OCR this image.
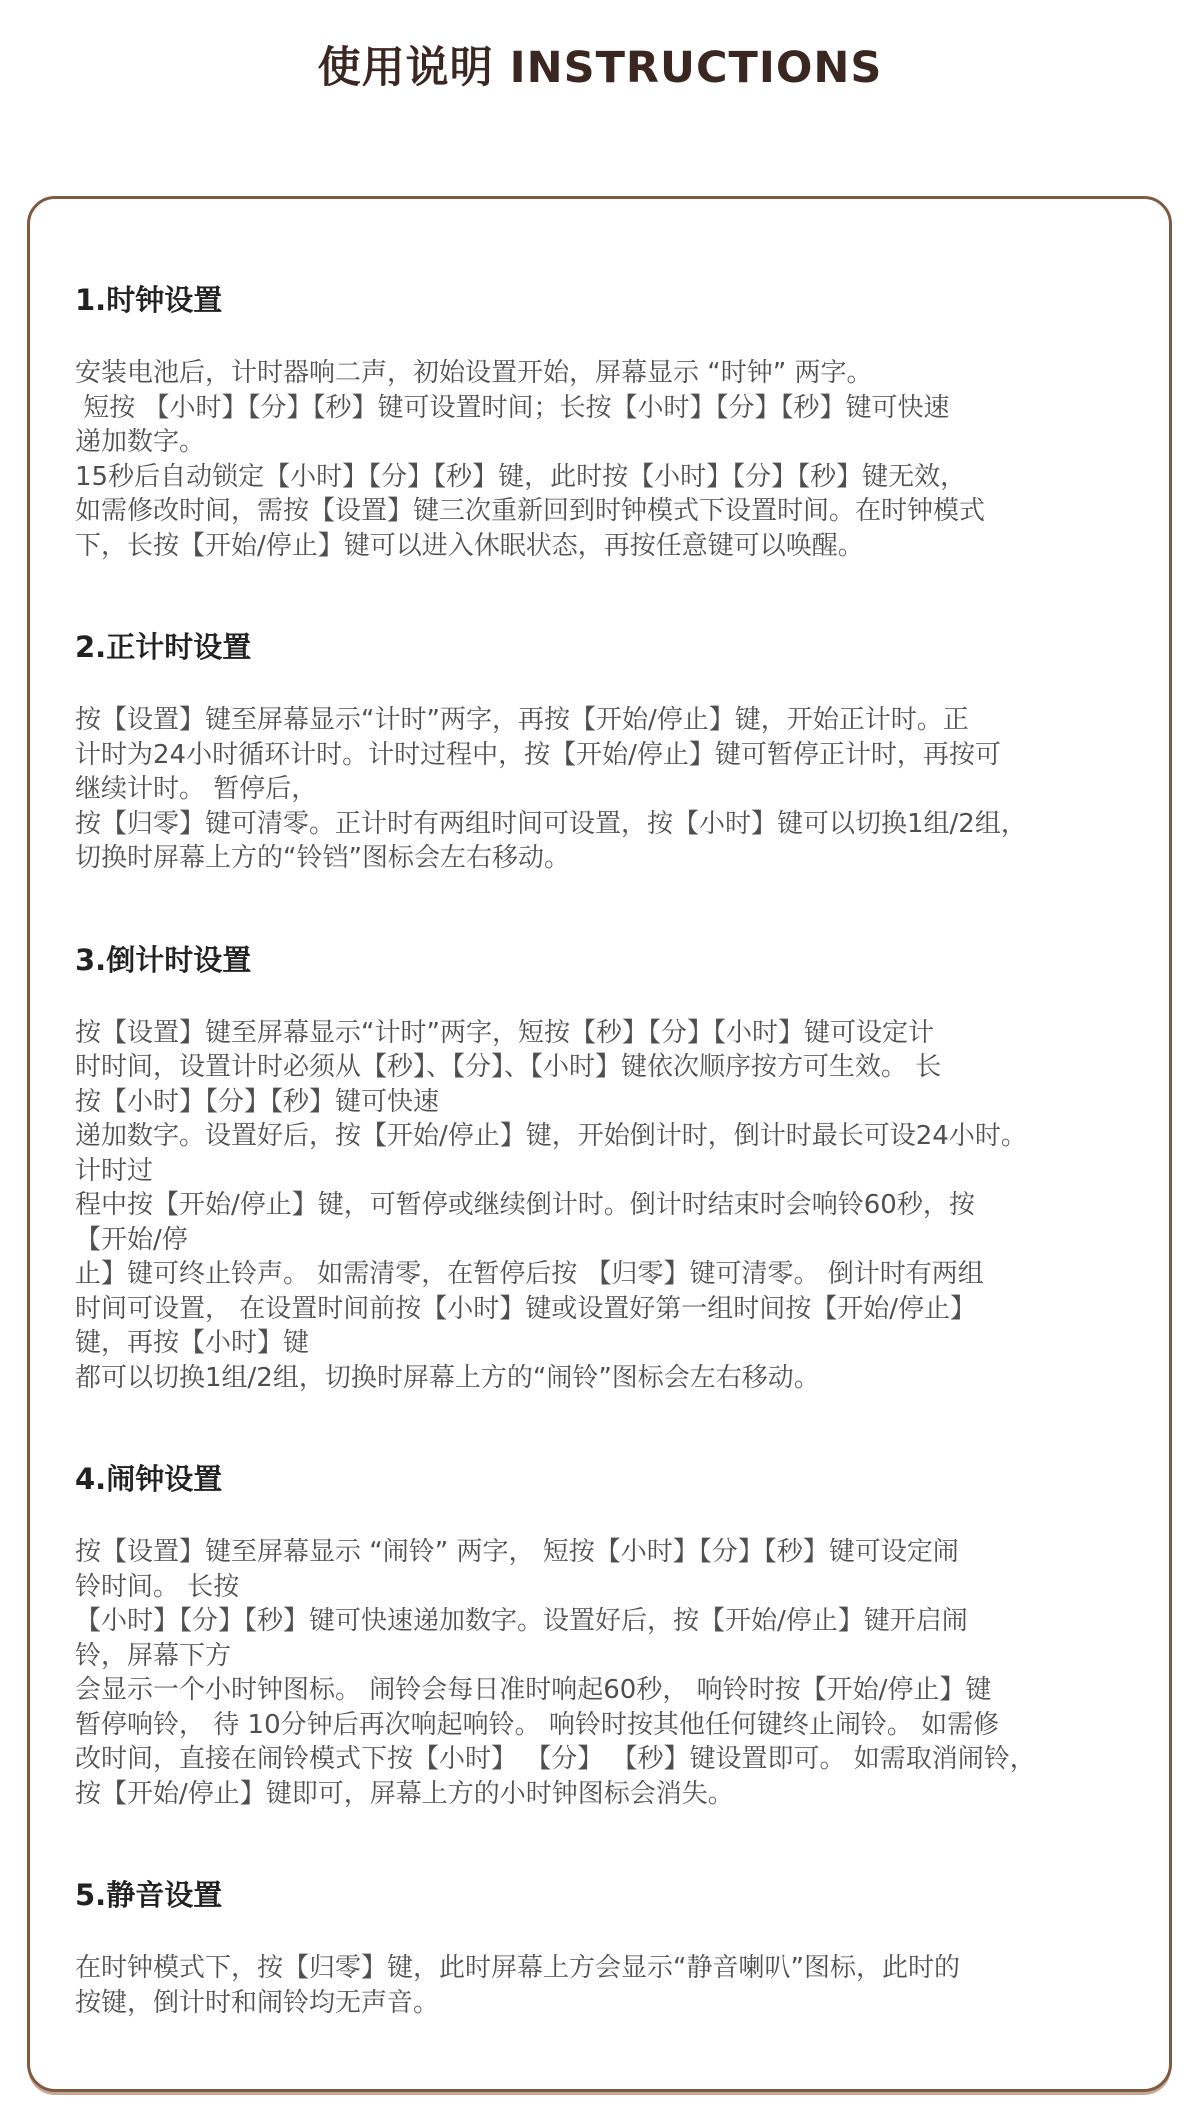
使用说明 INSTRUCTIONS
1.时钟设置
安装电池后，计时器响二声，初始设置开始，屏幕显示 “时钟” 两字。
短按 【小时】【分】【秒】键可设置时间；长按【小时】【分】【秒】键可快速
递加数字。
15秒后自动锁定【小时】【分】【秒】键，此时按【小时】【分】【秒】键无效，
如需修改时间，需按【设置】键三次重新回到时钟模式下设置时间。在时钟模式
下，长按【开始/停止】键可以进入休眠状态，再按任意键可以唤醒。
2.正计时设置
按【设置】键至屏幕显示“计时”两字，再按【开始/停止】键，开始正计时。正
计时为24小时循环计时。计时过程中，按【开始/停止】键可暂停正计时，再按可
继续计时。 暂停后，
按【归零】键可清零。正计时有两组时间可设置，按【小时】键可以切换1组/2组，
切换时屏幕上方的“铃铛”图标会左右移动。
3.倒计时设置
按【设置】键至屏幕显示“计时”两字，短按【秒】【分】【小时】键可设定计
时时间，设置计时必须从【秒】、【分】、【小时】键依次顺序按方可生效。 长
按【小时】【分】【秒】键可快速
递加数字。设置好后，按【开始/停止】键，开始倒计时，倒计时最长可设24小时。
计时过
程中按【开始/停止】键，可暂停或继续倒计时。倒计时结束时会响铃60秒，按
【开始/停
止】键可终止铃声。 如需清零，在暂停后按 【归零】键可清零。 倒计时有两组
时间可设置， 在设置时间前按【小时】键或设置好第一组时间按【开始/停止】
键，再按【小时】键
都可以切换1组/2组，切换时屏幕上方的“闹铃”图标会左右移动。
4.闹钟设置
按【设置】键至屏幕显示 “闹铃” 两字， 短按【小时】【分】【秒】键可设定闹
铃时间。 长按
【小时】【分】【秒】键可快速递加数字。设置好后，按【开始/停止】键开启闹
铃，屏幕下方
会显示一个小时钟图标。 闹铃会每日准时响起60秒， 响铃时按【开始/停止】键
暂停响铃， 待 10分钟后再次响起响铃。 响铃时按其他任何键终止闹铃。 如需修
改时间，直接在闹铃模式下按【小时】 【分】 【秒】键设置即可。 如需取消闹铃，
按【开始/停止】键即可，屏幕上方的小时钟图标会消失。
5.静音设置
在时钟模式下，按【归零】键，此时屏幕上方会显示“静音喇叭”图标，此时的
按键，倒计时和闹铃均无声音。
